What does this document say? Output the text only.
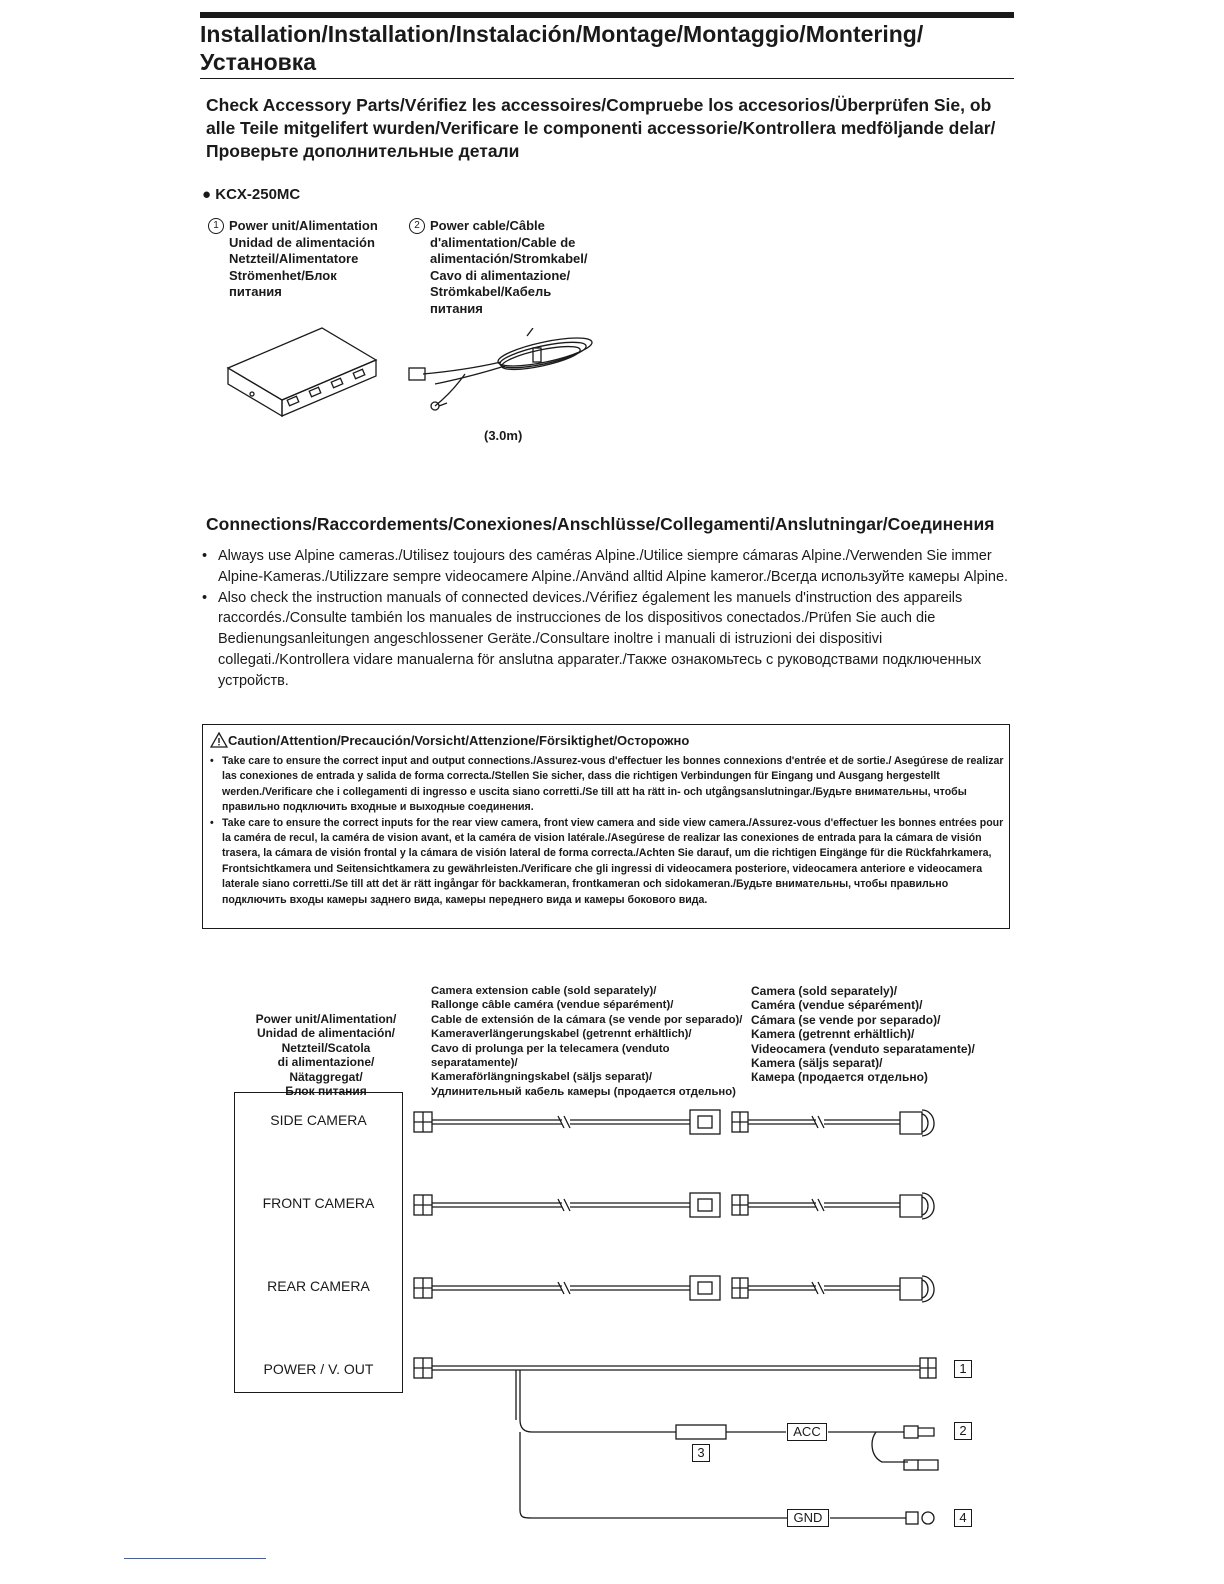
Installation/Installation/Instalación/Montage/Montaggio/Montering/
Установка
Check Accessory Parts/Vérifiez les accessoires/Compruebe los accesorios/Überprüfen Sie, ob alle Teile mitgelifert wurden/Verificare le componenti accessorie/Kontrollera medföljande delar/ Проверьте дополнительные детали
● KCX-250MC
1 Power unit/Alimentation
Unidad de alimentación
Netzteil/Alimentatore
Strömenhet/Блок
питания
2 Power cable/Câble
d'alimentation/Cable de
alimentación/Stromkabel/
Cavo di alimentazione/
Strömkabel/Кабель
питания
(3.0m)
Connections/Raccordements/Conexiones/Anschlüsse/Collegamenti/Anslutningar/Соединения
• Always use Alpine cameras./Utilisez toujours des caméras Alpine./Utilice siempre cámaras Alpine./Verwenden Sie immer Alpine-Kameras./Utilizzare sempre videocamere Alpine./Använd alltid Alpine kameror./Всегда используйте камеры Alpine.
• Also check the instruction manuals of connected devices./Vérifiez également les manuels d'instruction des appareils raccordés./Consulte también los manuales de instrucciones de los dispositivos conectados./Prüfen Sie auch die Bedienungsanleitungen angeschlossener Geräte./Consultare inoltre i manuali di istruzioni dei dispositivi collegati./Kontrollera vidare manualerna för anslutna apparater./Также ознакомьтесь с руководствами подключенных устройств.
Caution/Attention/Precaución/Vorsicht/Attenzione/Försiktighet/Осторожно
• Take care to ensure the correct input and output connections./Assurez-vous d'effectuer les bonnes connexions d'entrée et de sortie./ Asegúrese de realizar las conexiones de entrada y salida de forma correcta./Stellen Sie sicher, dass die richtigen Verbindungen für Eingang und Ausgang hergestellt werden./Verificare che i collegamenti di ingresso e uscita siano corretti./Se till att ha rätt in- och utgångsanslutningar./Будьте внимательны, чтобы правильно подключить входные и выходные соединения.
• Take care to ensure the correct inputs for the rear view camera, front view camera and side view camera./Assurez-vous d'effectuer les bonnes entrées pour la caméra de recul, la caméra de vision avant, et la caméra de vision latérale./Asegúrese de realizar las conexiones de entrada para la cámara de visión trasera, la cámara de visión frontal y la cámara de visión lateral de forma correcta./Achten Sie darauf, um die richtigen Eingänge für die Rückfahrkamera, Frontsichtkamera und Seitensichtkamera zu gewährleisten./Verificare che gli ingressi di videocamera posteriore, videocamera anteriore e videocamera laterale siano corretti./Se till att det är rätt ingångar för backkameran, frontkameran och sidokameran./Будьте внимательны, чтобы правильно подключить входы камеры заднего вида, камеры переднего вида и камеры бокового вида.
Power unit/Alimentation/
Unidad de alimentación/
Netzteil/Scatola
di alimentazione/
Nätaggregat/
Блок питания
Camera extension cable (sold separately)/
Rallonge câble caméra (vendue séparément)/
Cable de extensión de la cámara (se vende por separado)/
Kameraverlängerungskabel (getrennt erhältlich)/
Cavo di prolunga per la telecamera (venduto separatamente)/
Kameraförlängningskabel (säljs separat)/
Удлинительный кабель камеры (продается отдельно)
Camera (sold separately)/
Caméra (vendue séparément)/
Cámara (se vende por separado)/
Kamera (getrennt erhältlich)/
Videocamera (venduto separatamente)/
Kamera (säljs separat)/
Камера (продается отдельно)
SIDE CAMERA
FRONT CAMERA
REAR CAMERA
POWER / V. OUT
ACC
GND
1
2
3
4
